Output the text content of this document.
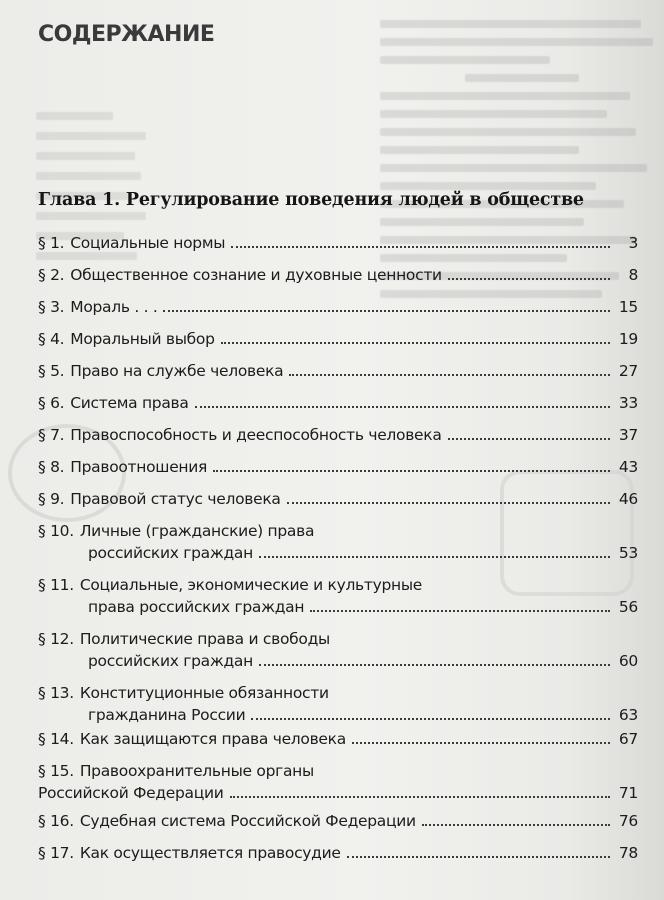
СОДЕРЖАНИЕ
Глава 1. Регулирование поведения людей в обществе
§ 1. Социальные нормы	3
§ 2. Общественное сознание и духовные ценности	8
§ 3. Мораль . . .	15
§ 4. Моральный выбор	19
§ 5. Право на службе человека	27
§ 6. Система права	33
§ 7. Правоспособность и дееспособность человека	37
§ 8. Правоотношения	43
§ 9. Правовой статус человека	46
§ 10. Личные (гражданские) права
российских граждан	53
§ 11. Социальные, экономические и культурные
права российских граждан	56
§ 12. Политические права и свободы
российских граждан	60
§ 13. Конституционные обязанности
гражданина России	63
§ 14. Как защищаются права человека	67
§ 15. Правоохранительные органы
Российской Федерации	71
§ 16. Судебная система Российской Федерации	76
§ 17. Как осуществляется правосудие	78
